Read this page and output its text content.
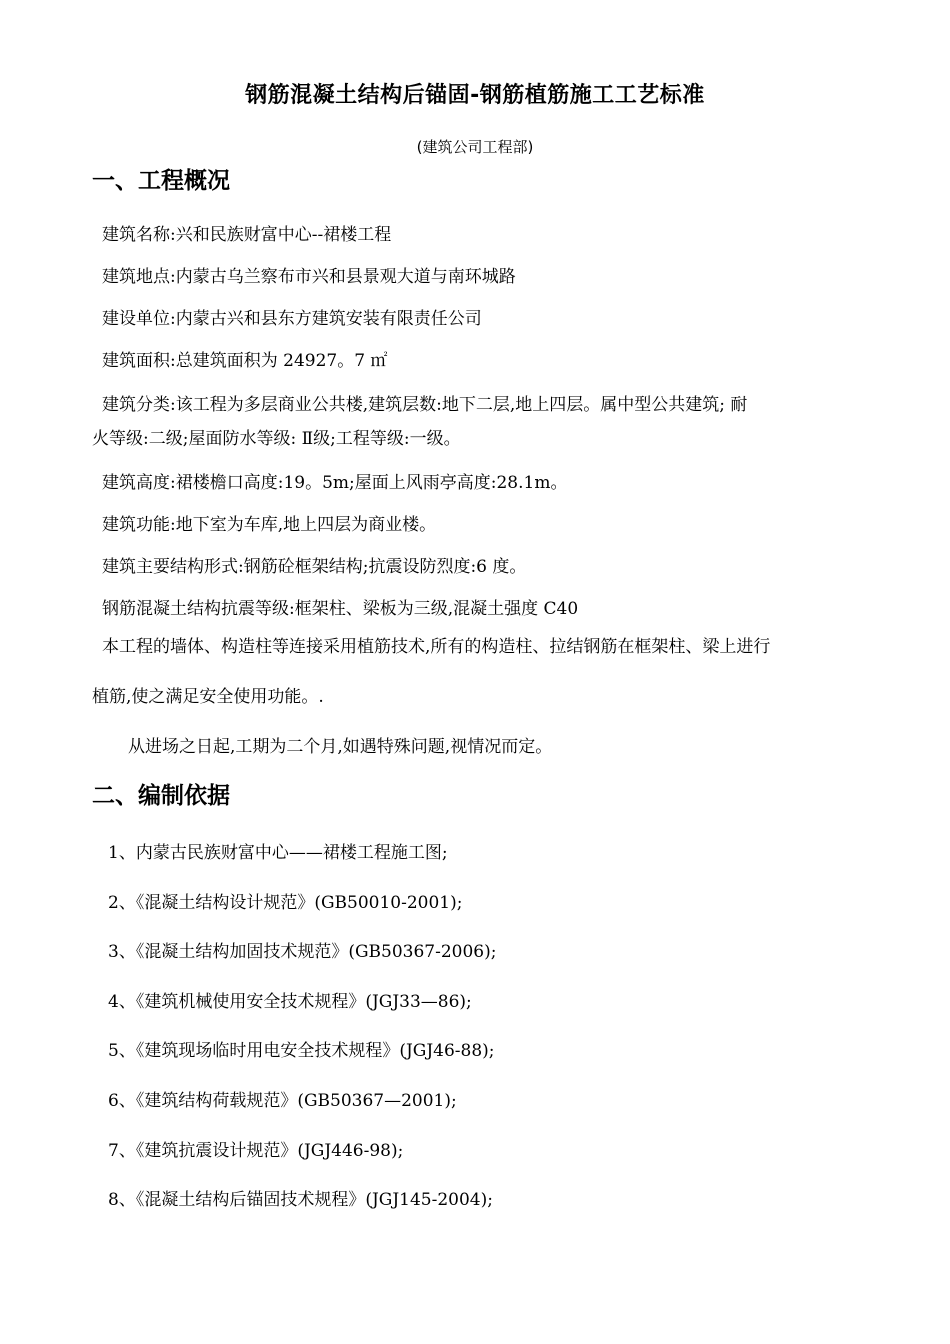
钢筋混凝土结构后锚固-钢筋植筋施工工艺标准
(建筑公司工程部)
一、工程概况
建筑名称:兴和民族财富中心--裙楼工程
建筑地点:内蒙古乌兰察布市兴和县景观大道与南环城路
建设单位:内蒙古兴和县东方建筑安装有限责任公司
建筑面积:总建筑面积为 24927。7 ㎡
建筑分类:该工程为多层商业公共楼,建筑层数:地下二层,地上四层。属中型公共建筑; 耐
火等级:二级;屋面防水等级: Ⅱ级;工程等级:一级。
建筑高度:裙楼檐口高度:19。5m;屋面上风雨亭高度:28.1m。
建筑功能:地下室为车库,地上四层为商业楼。
建筑主要结构形式:钢筋砼框架结构;抗震设防烈度:6 度。
钢筋混凝土结构抗震等级:框架柱、梁板为三级,混凝土强度 C40
本工程的墙体、构造柱等连接采用植筋技术,所有的构造柱、拉结钢筋在框架柱、梁上进行
植筋,使之满足安全使用功能。.
从进场之日起,工期为二个月,如遇特殊问题,视情况而定。
二、编制依据
1、内蒙古民族财富中心——裙楼工程施工图;
2、《混凝土结构设计规范》(GB50010-2001);
3、《混凝土结构加固技术规范》(GB50367-2006);
4、《建筑机械使用安全技术规程》(JGJ33—86);
5、《建筑现场临时用电安全技术规程》(JGJ46-88);
6、《建筑结构荷载规范》(GB50367—2001);
7、《建筑抗震设计规范》(JGJ446-98);
8、《混凝土结构后锚固技术规程》(JGJ145-2004);
